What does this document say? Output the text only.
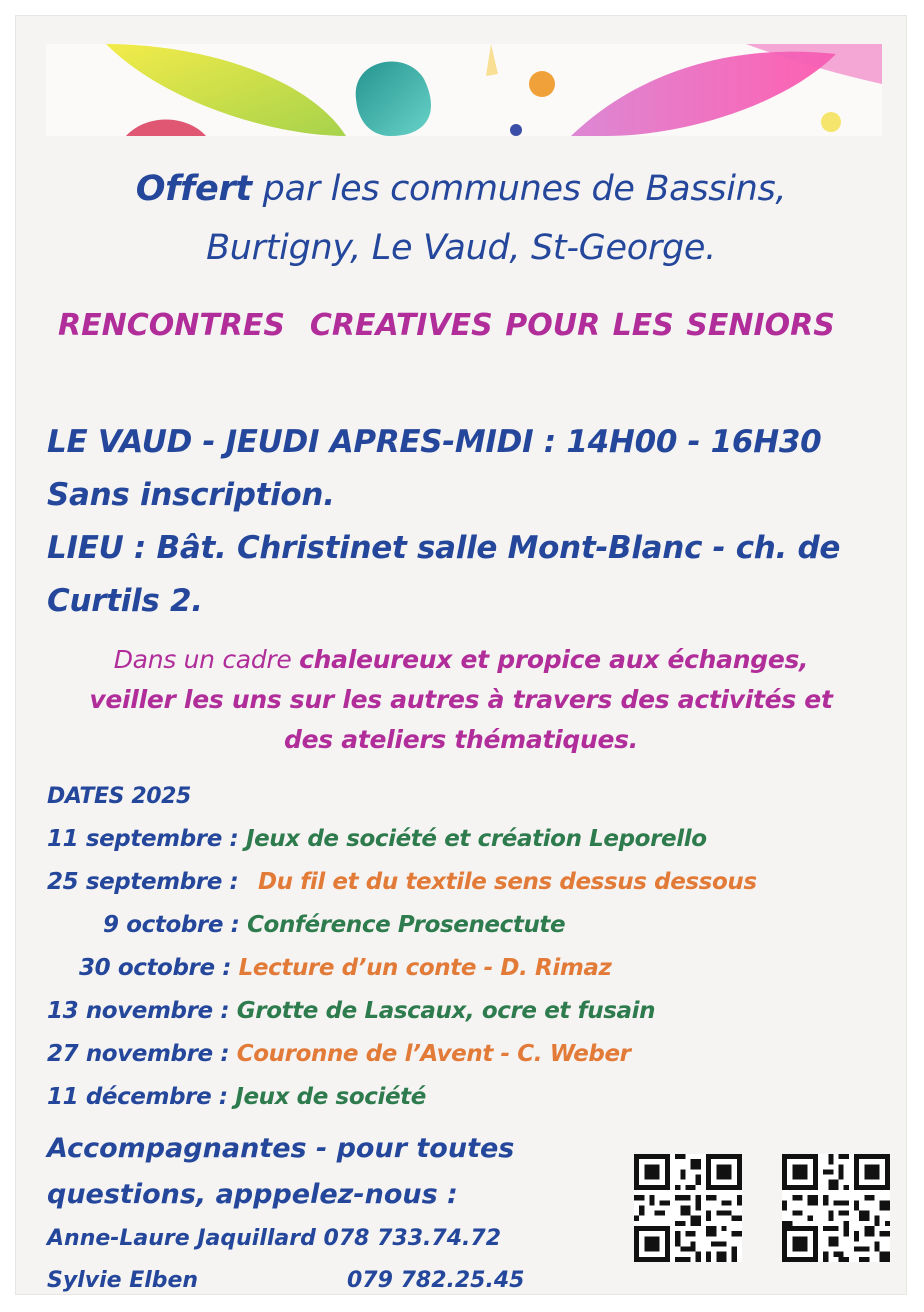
Offert par les communes de Bassins,
Burtigny, Le Vaud, St-George.
RENCONTRES  CREATIVES POUR LES SENIORS
LE VAUD - JEUDI APRES-MIDI : 14H00 - 16H30
Sans inscription.
LIEU : Bât. Christinet salle Mont-Blanc - ch. de
Curtils 2.
Dans un cadre chaleureux et propice aux échanges,
veiller les uns sur les autres à travers des activités et
des ateliers thématiques.
DATES 2025
11 septembre : Jeux de société et création Leporello
25 septembre : Du fil et du textile sens dessus dessous
9 octobre : Conférence Prosenectute
30 octobre : Lecture d’un conte - D. Rimaz
13 novembre : Grotte de Lascaux, ocre et fusain
27 novembre : Couronne de l’Avent - C. Weber
11 décembre : Jeux de société
Accompagnantes - pour toutes
questions, apppelez-nous :
Anne-Laure Jaquillard 078 733.74.72
Sylvie Elben	079 782.25.45
